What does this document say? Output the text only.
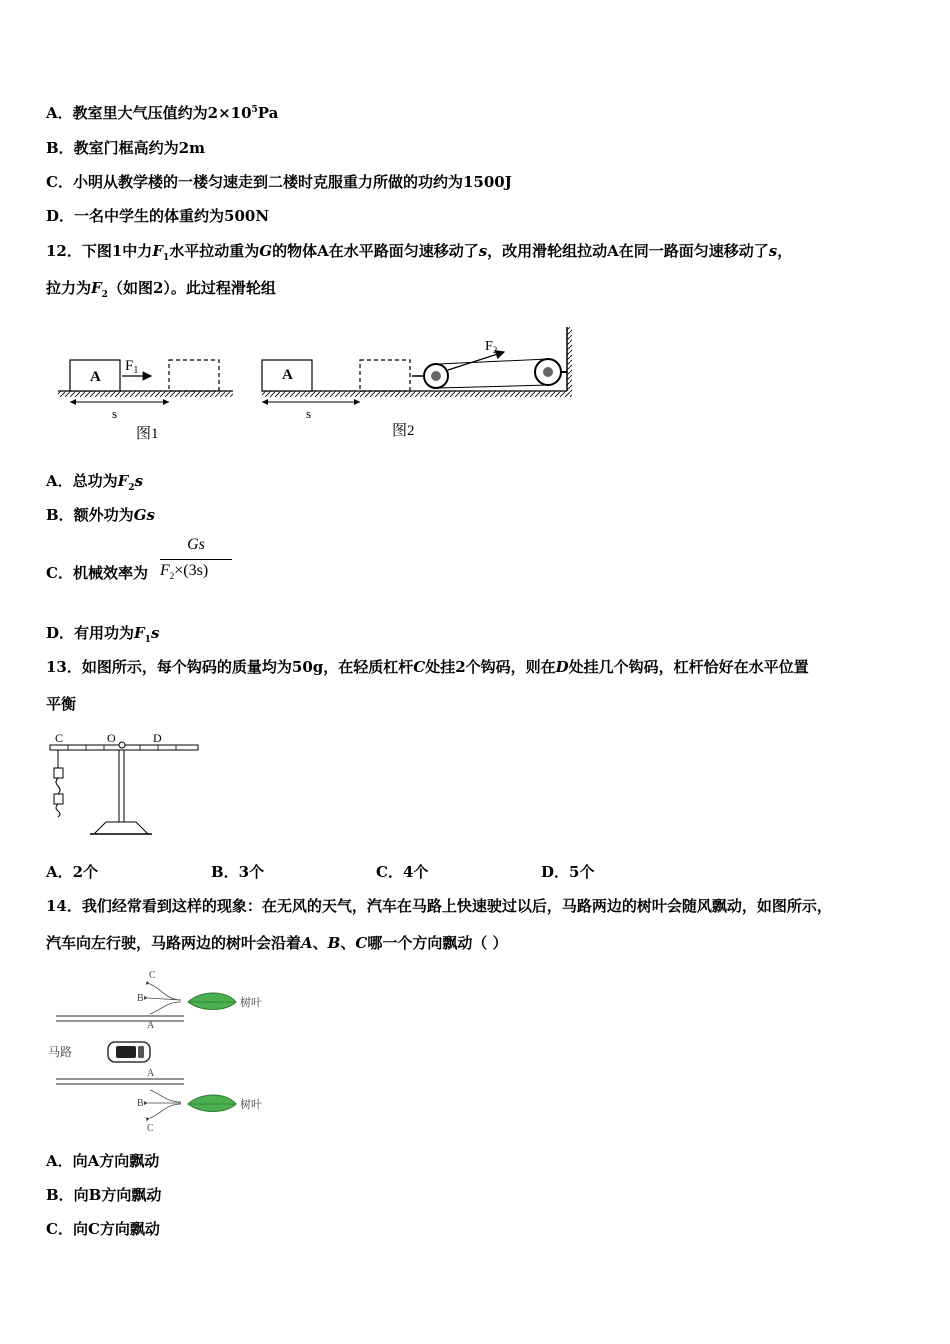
A．教室里大气压值约为$2\times 10^5Pa$
B．教室门框高约为2m
C．小明从教学楼的一楼匀速走到二楼时克服重力所做的功约为1500J
D．一名中学生的体重约为500N
12．下图1中力$F_1$水平拉动重为G的物体A在水平路面匀速移动了s，改用滑轮组拉动A在同一路面匀速移动了s，
拉力为$F_2$（如图2）。此过程滑轮组
A
$F_1$
s
图1
A
$F_2$
s
图2
A．总功为$F_2s$
B．额外功为Gs
C．机械效率为 $\frac{Gs}{F_2\times(3s)}$
D．有用功为$F_1s$
13．如图所示，每个钩码的质量均为50g，在轻质杠杆C处挂2个钩码，则在D处挂几个钩码，杠杆恰好在水平位置
平衡
C	O	D
A．2个	B．3个	C．4个	D．5个
14．我们经常看到这样的现象：在无风的天气，汽车在马路上快速驶过以后，马路两边的树叶会随风飘动，如图所示，
汽车向左行驶，马路两边的树叶会沿着A、B、C哪一个方向飘动（ ）
C
B
A
树叶
马路
A
B
C
树叶
A．向A方向飘动
B．向B方向飘动
C．向C方向飘动
